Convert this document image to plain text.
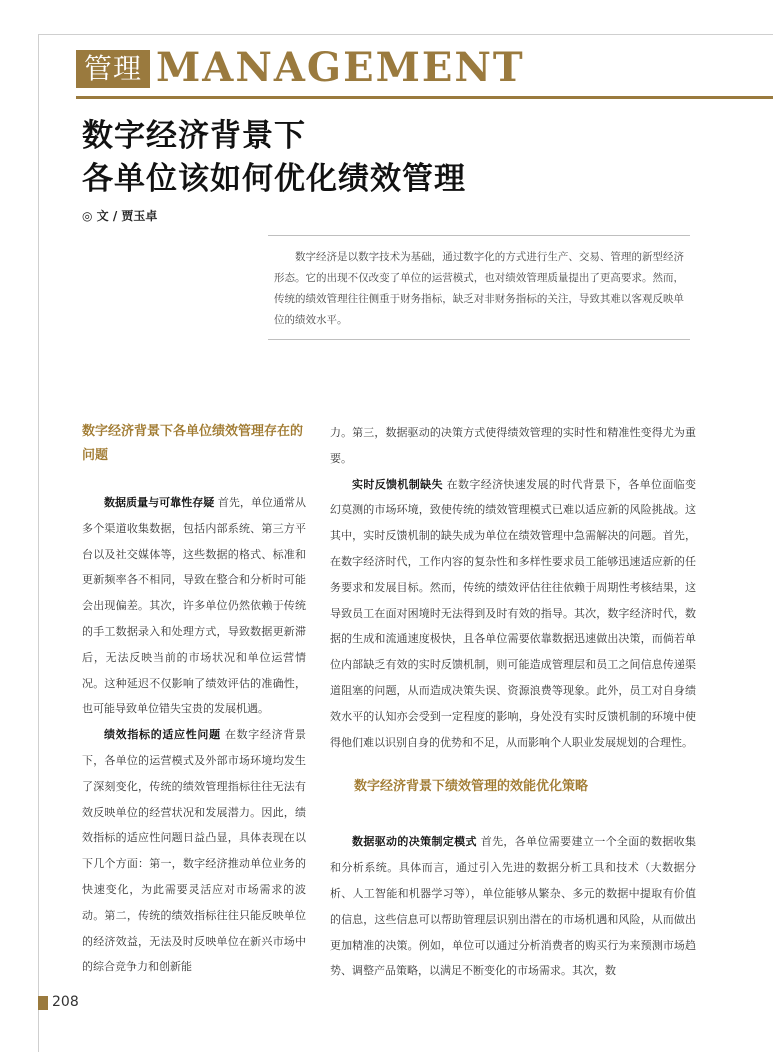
管理 MANAGEMENT
数字经济背景下
各单位该如何优化绩效管理
◎ 文 / 贾玉卓
数字经济是以数字技术为基础，通过数字化的方式进行生产、交易、管理的新型经济形态。它的出现不仅改变了单位的运营模式，也对绩效管理质量提出了更高要求。然而，传统的绩效管理往往侧重于财务指标，缺乏对非财务指标的关注，导致其难以客观反映单位的绩效水平。
数字经济背景下各单位绩效管理存在的问题

数据质量与可靠性存疑 首先，单位通常从多个渠道收集数据，包括内部系统、第三方平台以及社交媒体等，这些数据的格式、标准和更新频率各不相同，导致在整合和分析时可能会出现偏差。其次，许多单位仍然依赖于传统的手工数据录入和处理方式，导致数据更新滞后，无法反映当前的市场状况和单位运营情况。这种延迟不仅影响了绩效评估的准确性，也可能导致单位错失宝贵的发展机遇。

绩效指标的适应性问题 在数字经济背景下，各单位的运营模式及外部市场环境均发生了深刻变化，传统的绩效管理指标往往无法有效反映单位的经营状况和发展潜力。因此，绩效指标的适应性问题日益凸显，具体表现在以下几个方面：第一，数字经济推动单位业务的快速变化，为此需要灵活应对市场需求的波动。第二，传统的绩效指标往往只能反映单位的经济效益，无法及时反映单位在新兴市场中的综合竞争力和创新能

力。第三，数据驱动的决策方式使得绩效管理的实时性和精准性变得尤为重要。

实时反馈机制缺失 在数字经济快速发展的时代背景下，各单位面临变幻莫测的市场环境，致使传统的绩效管理模式已难以适应新的风险挑战。这其中，实时反馈机制的缺失成为单位在绩效管理中急需解决的问题。首先，在数字经济时代，工作内容的复杂性和多样性要求员工能够迅速适应新的任务要求和发展目标。然而，传统的绩效评估往往依赖于周期性考核结果，这导致员工在面对困境时无法得到及时有效的指导。其次，数字经济时代，数据的生成和流通速度极快，且各单位需要依靠数据迅速做出决策，而倘若单位内部缺乏有效的实时反馈机制，则可能造成管理层和员工之间信息传递渠道阻塞的问题，从而造成决策失误、资源浪费等现象。此外，员工对自身绩效水平的认知亦会受到一定程度的影响，身处没有实时反馈机制的环境中使得他们难以识别自身的优势和不足，从而影响个人职业发展规划的合理性。

数字经济背景下绩效管理的效能优化策略

数据驱动的决策制定模式 首先，各单位需要建立一个全面的数据收集和分析系统。具体而言，通过引入先进的数据分析工具和技术（大数据分析、人工智能和机器学习等），单位能够从繁杂、多元的数据中提取有价值的信息，这些信息可以帮助管理层识别出潜在的市场机遇和风险，从而做出更加精准的决策。例如，单位可以通过分析消费者的购买行为来预测市场趋势、调整产品策略，以满足不断变化的市场需求。其次，数

208
